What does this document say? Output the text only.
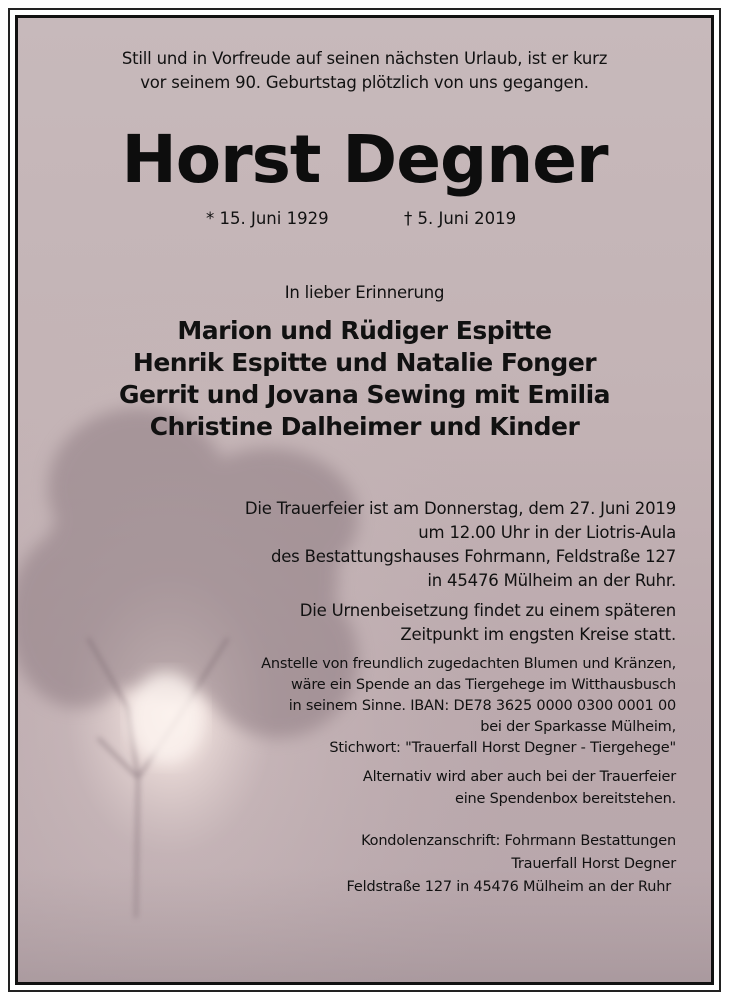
Still und in Vorfreude auf seinen nächsten Urlaub, ist er kurz
vor seinem 90. Geburtstag plötzlich von uns gegangen.
Horst Degner
* 15. Juni 1929	† 5. Juni 2019
In lieber Erinnerung
Marion und Rüdiger Espitte
Henrik Espitte und Natalie Fonger
Gerrit und Jovana Sewing mit Emilia
Christine Dalheimer und Kinder
Die Trauerfeier ist am Donnerstag, dem 27. Juni 2019
um 12.00 Uhr in der Liotris-Aula
des Bestattungshauses Fohrmann, Feldstraße 127
in 45476 Mülheim an der Ruhr.
Die Urnenbeisetzung findet zu einem späteren
Zeitpunkt im engsten Kreise statt.
Anstelle von freundlich zugedachten Blumen und Kränzen,
wäre ein Spende an das Tiergehege im Witthausbusch
in seinem Sinne. IBAN: DE78 3625 0000 0300 0001 00
bei der Sparkasse Mülheim,
Stichwort: "Trauerfall Horst Degner - Tiergehege"
Alternativ wird aber auch bei der Trauerfeier
eine Spendenbox bereitstehen.
Kondolenzanschrift: Fohrmann Bestattungen
Trauerfall Horst Degner
Feldstraße 127 in 45476 Mülheim an der Ruhr
